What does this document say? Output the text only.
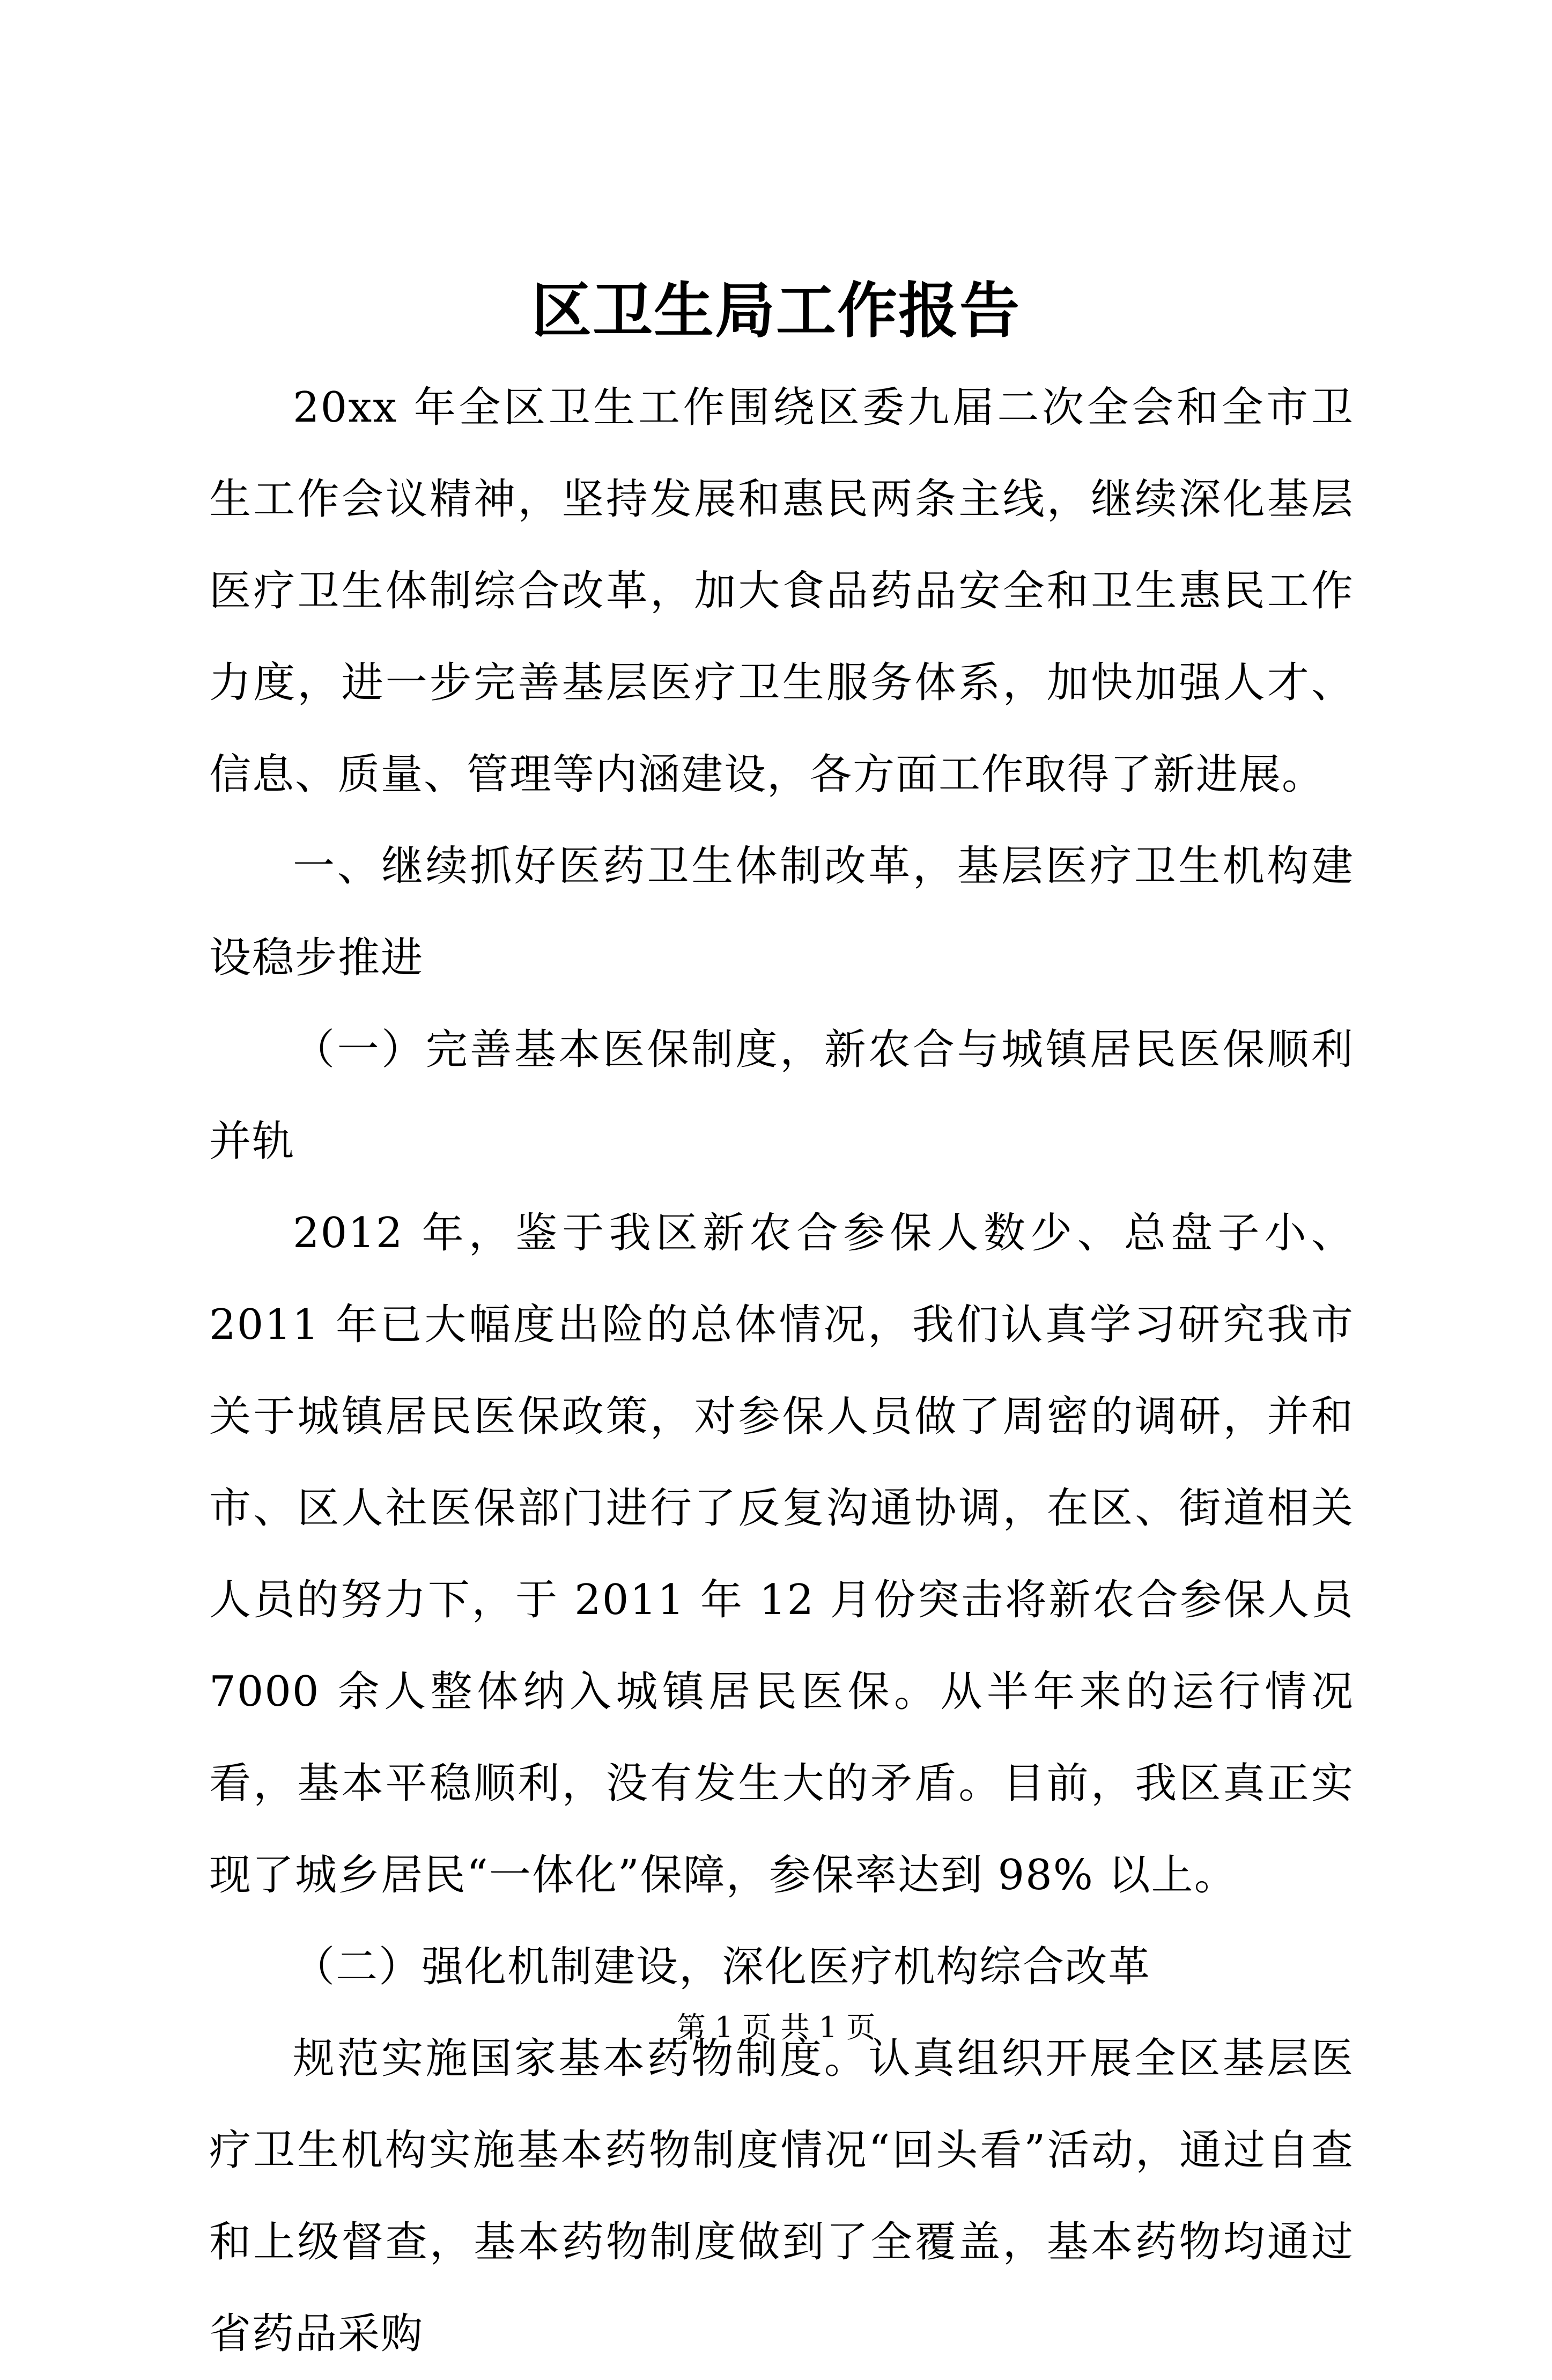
区卫生局工作报告

20xx 年全区卫生工作围绕区委九届二次全会和全市卫生工作会议精神，坚持发展和惠民两条主线，继续深化基层医疗卫生体制综合改革，加大食品药品安全和卫生惠民工作力度，进一步完善基层医疗卫生服务体系，加快加强人才、信息、质量、管理等内涵建设，各方面工作取得了新进展。

一、继续抓好医药卫生体制改革，基层医疗卫生机构建设稳步推进

（一）完善基本医保制度，新农合与城镇居民医保顺利并轨

2012 年，鉴于我区新农合参保人数少、总盘子小、2011 年已大幅度出险的总体情况，我们认真学习研究我市关于城镇居民医保政策，对参保人员做了周密的调研，并和市、区人社医保部门进行了反复沟通协调，在区、街道相关人员的努力下，于 2011 年 12 月份突击将新农合参保人员 7000 余人整体纳入城镇居民医保。从半年来的运行情况看，基本平稳顺利，没有发生大的矛盾。目前，我区真正实现了城乡居民“一体化”保障，参保率达到 98% 以上。

（二）强化机制建设，深化医疗机构综合改革

规范实施国家基本药物制度。认真组织开展全区基层医疗卫生机构实施基本药物制度情况“回头看”活动，通过自查和上级督查，基本药物制度做到了全覆盖，基本药物均通过省药品采购

第 1 页 共 1 页
